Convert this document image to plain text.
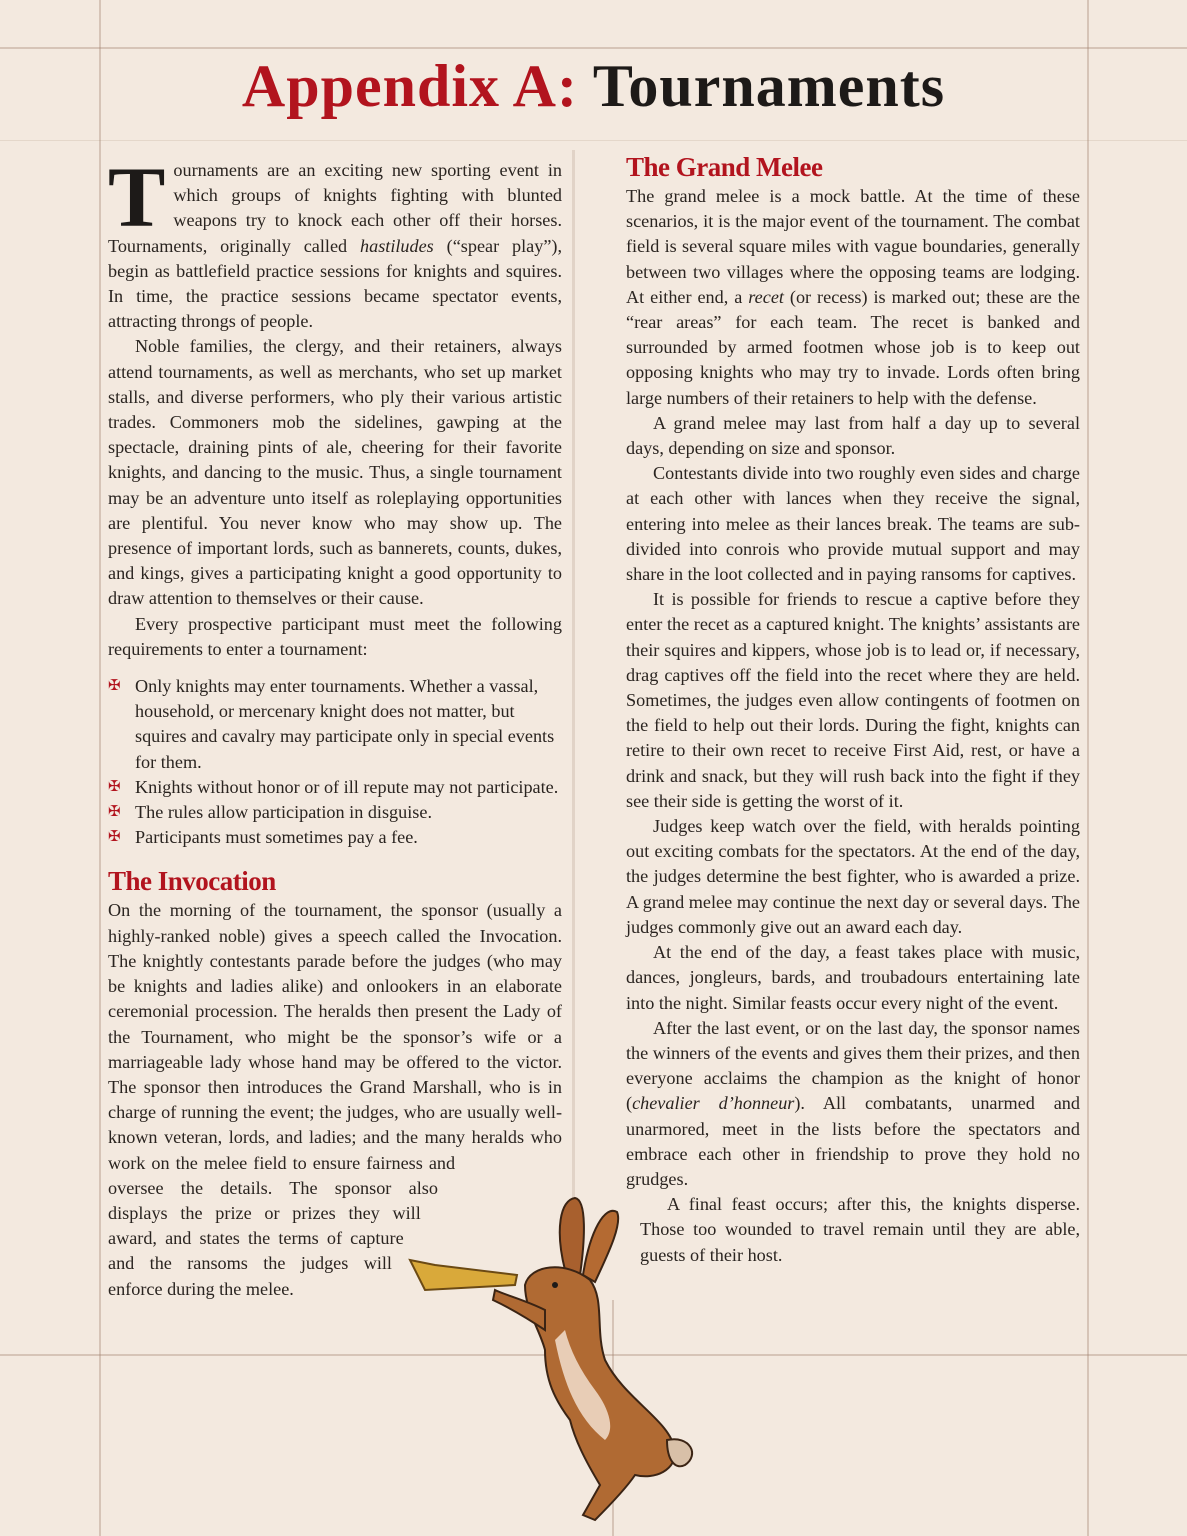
Appendix A: Tournaments

Tournaments are an exciting new sporting event in which groups of knights fighting with blunted weapons try to knock each other off their horses. Tournaments, originally called hastiludes (“spear play”), begin as battlefield practice sessions for knights and squires. In time, the practice sessions became spectator events, attracting throngs of people.

Noble families, the clergy, and their retainers, always attend tournaments, as well as merchants, who set up market stalls, and diverse performers, who ply their various artistic trades. Commoners mob the sidelines, gawping at the spectacle, draining pints of ale, cheering for their favorite knights, and dancing to the music. Thus, a single tournament may be an adventure unto itself as roleplaying opportunities are plentiful. You never know who may show up. The presence of important lords, such as bannerets, counts, dukes, and kings, gives a participating knight a good opportunity to draw attention to themselves or their cause.

Every prospective participant must meet the following requirements to enter a tournament:

✠ Only knights may enter tournaments. Whether a vassal, household, or mercenary knight does not matter, but squires and cavalry may participate only in special events for them.
✠ Knights without honor or of ill repute may not participate.
✠ The rules allow participation in disguise.
✠ Participants must sometimes pay a fee.
The Invocation
On the morning of the tournament, the sponsor (usually a highly-ranked noble) gives a speech called the Invocation. The knightly contestants parade before the judges (who may be knights and ladies alike) and onlookers in an elaborate ceremonial procession. The heralds then present the Lady of the Tournament, who might be the sponsor’s wife or a marriageable lady whose hand may be offered to the victor. The sponsor then introduces the Grand Marshall, who is in charge of running the event; the judges, who are usually well-known veteran, lords, and ladies; and the many heralds who work on the melee field to ensure fairness and oversee the details. The sponsor also displays the prize or prizes they will award, and states the terms of capture and the ransoms the judges will enforce during the melee.
The Grand Melee

The grand melee is a mock battle. At the time of these scenarios, it is the major event of the tournament. The combat field is several square miles with vague boundaries, generally between two villages where the opposing teams are lodging. At either end, a recet (or recess) is marked out; these are the “rear areas” for each team. The recet is banked and surrounded by armed footmen whose job is to keep out opposing knights who may try to invade. Lords often bring large numbers of their retainers to help with the defense.

A grand melee may last from half a day up to several days, depending on size and sponsor.

Contestants divide into two roughly even sides and charge at each other with lances when they receive the signal, entering into melee as their lances break. The teams are sub-divided into conrois who provide mutual support and may share in the loot collected and in paying ransoms for captives.

It is possible for friends to rescue a captive before they enter the recet as a captured knight. The knights’ assistants are their squires and kippers, whose job is to lead or, if necessary, drag captives off the field into the recet where they are held. Sometimes, the judges even allow contingents of footmen on the field to help out their lords. During the fight, knights can retire to their own recet to receive First Aid, rest, or have a drink and snack, but they will rush back into the fight if they see their side is getting the worst of it.

Judges keep watch over the field, with heralds pointing out exciting combats for the spectators. At the end of the day, the judges determine the best fighter, who is awarded a prize. A grand melee may continue the next day or several days. The judges commonly give out an award each day.

At the end of the day, a feast takes place with music, dances, jongleurs, bards, and troubadours entertaining late into the night. Similar feasts occur every night of the event.

After the last event, or on the last day, the sponsor names the winners of the events and gives them their prizes, and then everyone acclaims the champion as the knight of honor (chevalier d’honneur). All combatants, unarmed and unarmored, meet in the lists before the spectators and embrace each other in friendship to prove they hold no grudges.

A final feast occurs; after this, the knights disperse. Those too wounded to travel remain until they are able, guests of their host.
